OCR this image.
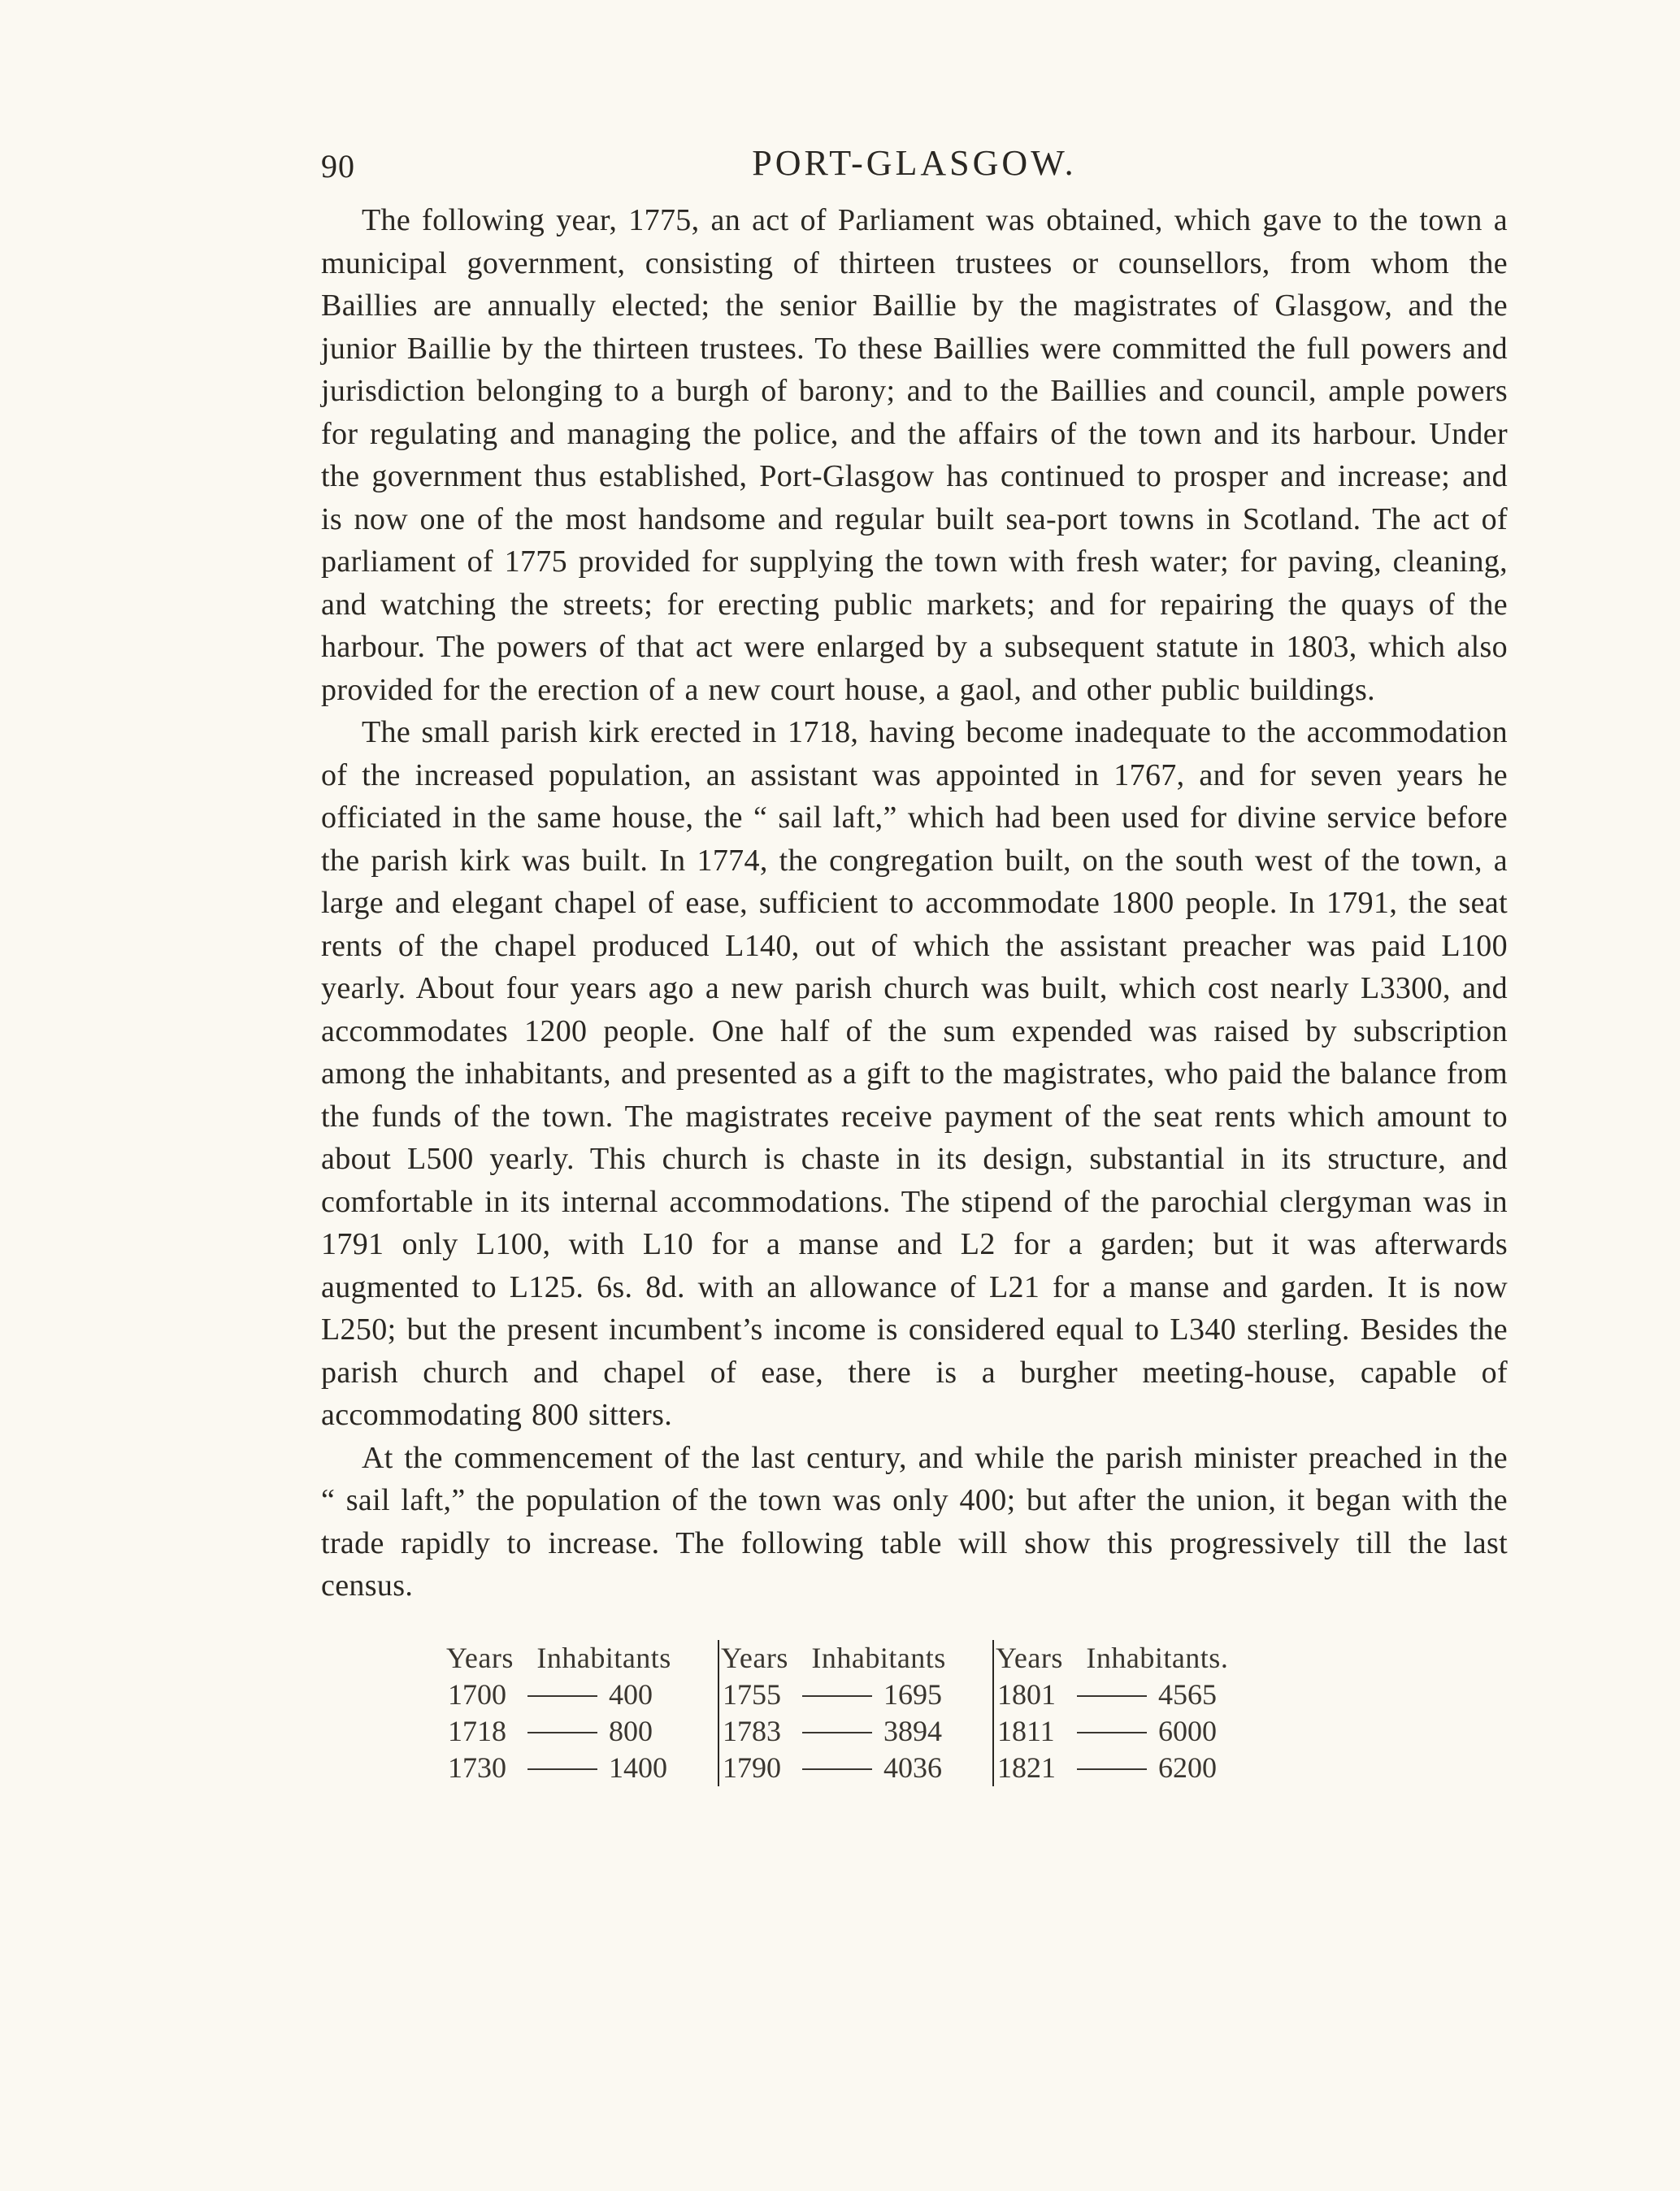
90	PORT-GLASGOW.

The following year, 1775, an act of Parliament was obtained, which gave to the town a municipal government, consisting of thirteen trustees or counsellors, from whom the Baillies are annually elected; the senior Baillie by the magistrates of Glasgow, and the junior Baillie by the thirteen trustees. To these Baillies were committed the full powers and jurisdiction belonging to a burgh of barony; and to the Baillies and council, ample powers for regulating and managing the police, and the affairs of the town and its harbour. Under the government thus established, Port-Glasgow has continued to prosper and increase; and is now one of the most handsome and regular built sea-port towns in Scotland. The act of parliament of 1775 provided for supplying the town with fresh water; for paving, cleaning, and watching the streets; for erecting public markets; and for repairing the quays of the harbour. The powers of that act were enlarged by a subsequent statute in 1803, which also provided for the erection of a new court house, a gaol, and other public buildings.

The small parish kirk erected in 1718, having become inadequate to the accommodation of the increased population, an assistant was appointed in 1767, and for seven years he officiated in the same house, the “ sail laft,” which had been used for divine service before the parish kirk was built. In 1774, the congregation built, on the south west of the town, a large and elegant chapel of ease, sufficient to accommodate 1800 people. In 1791, the seat rents of the chapel produced L140, out of which the assistant preacher was paid L100 yearly. About four years ago a new parish church was built, which cost nearly L3300, and accommodates 1200 people. One half of the sum expended was raised by subscription among the inhabitants, and presented as a gift to the magistrates, who paid the balance from the funds of the town. The magistrates receive payment of the seat rents which amount to about L500 yearly. This church is chaste in its design, substantial in its structure, and comfortable in its internal accommodations. The stipend of the parochial clergyman was in 1791 only L100, with L10 for a manse and L2 for a garden; but it was afterwards augmented to L125. 6s. 8d. with an allowance of L21 for a manse and garden. It is now L250; but the present incumbent’s income is considered equal to L340 sterling. Besides the parish church and chapel of ease, there is a burgher meeting-house, capable of accommodating 800 sitters.

At the commencement of the last century, and while the parish minister preached in the “ sail laft,” the population of the town was only 400; but after the union, it began with the trade rapidly to increase. The following table will show this progressively till the last census.

Years Inhabitants
1700	400
1718	800
1730	1400
Years Inhabitants
1755	1695
1783	3894
1790	4036
Years Inhabitants.
1801	4565
1811	6000
1821	6200
